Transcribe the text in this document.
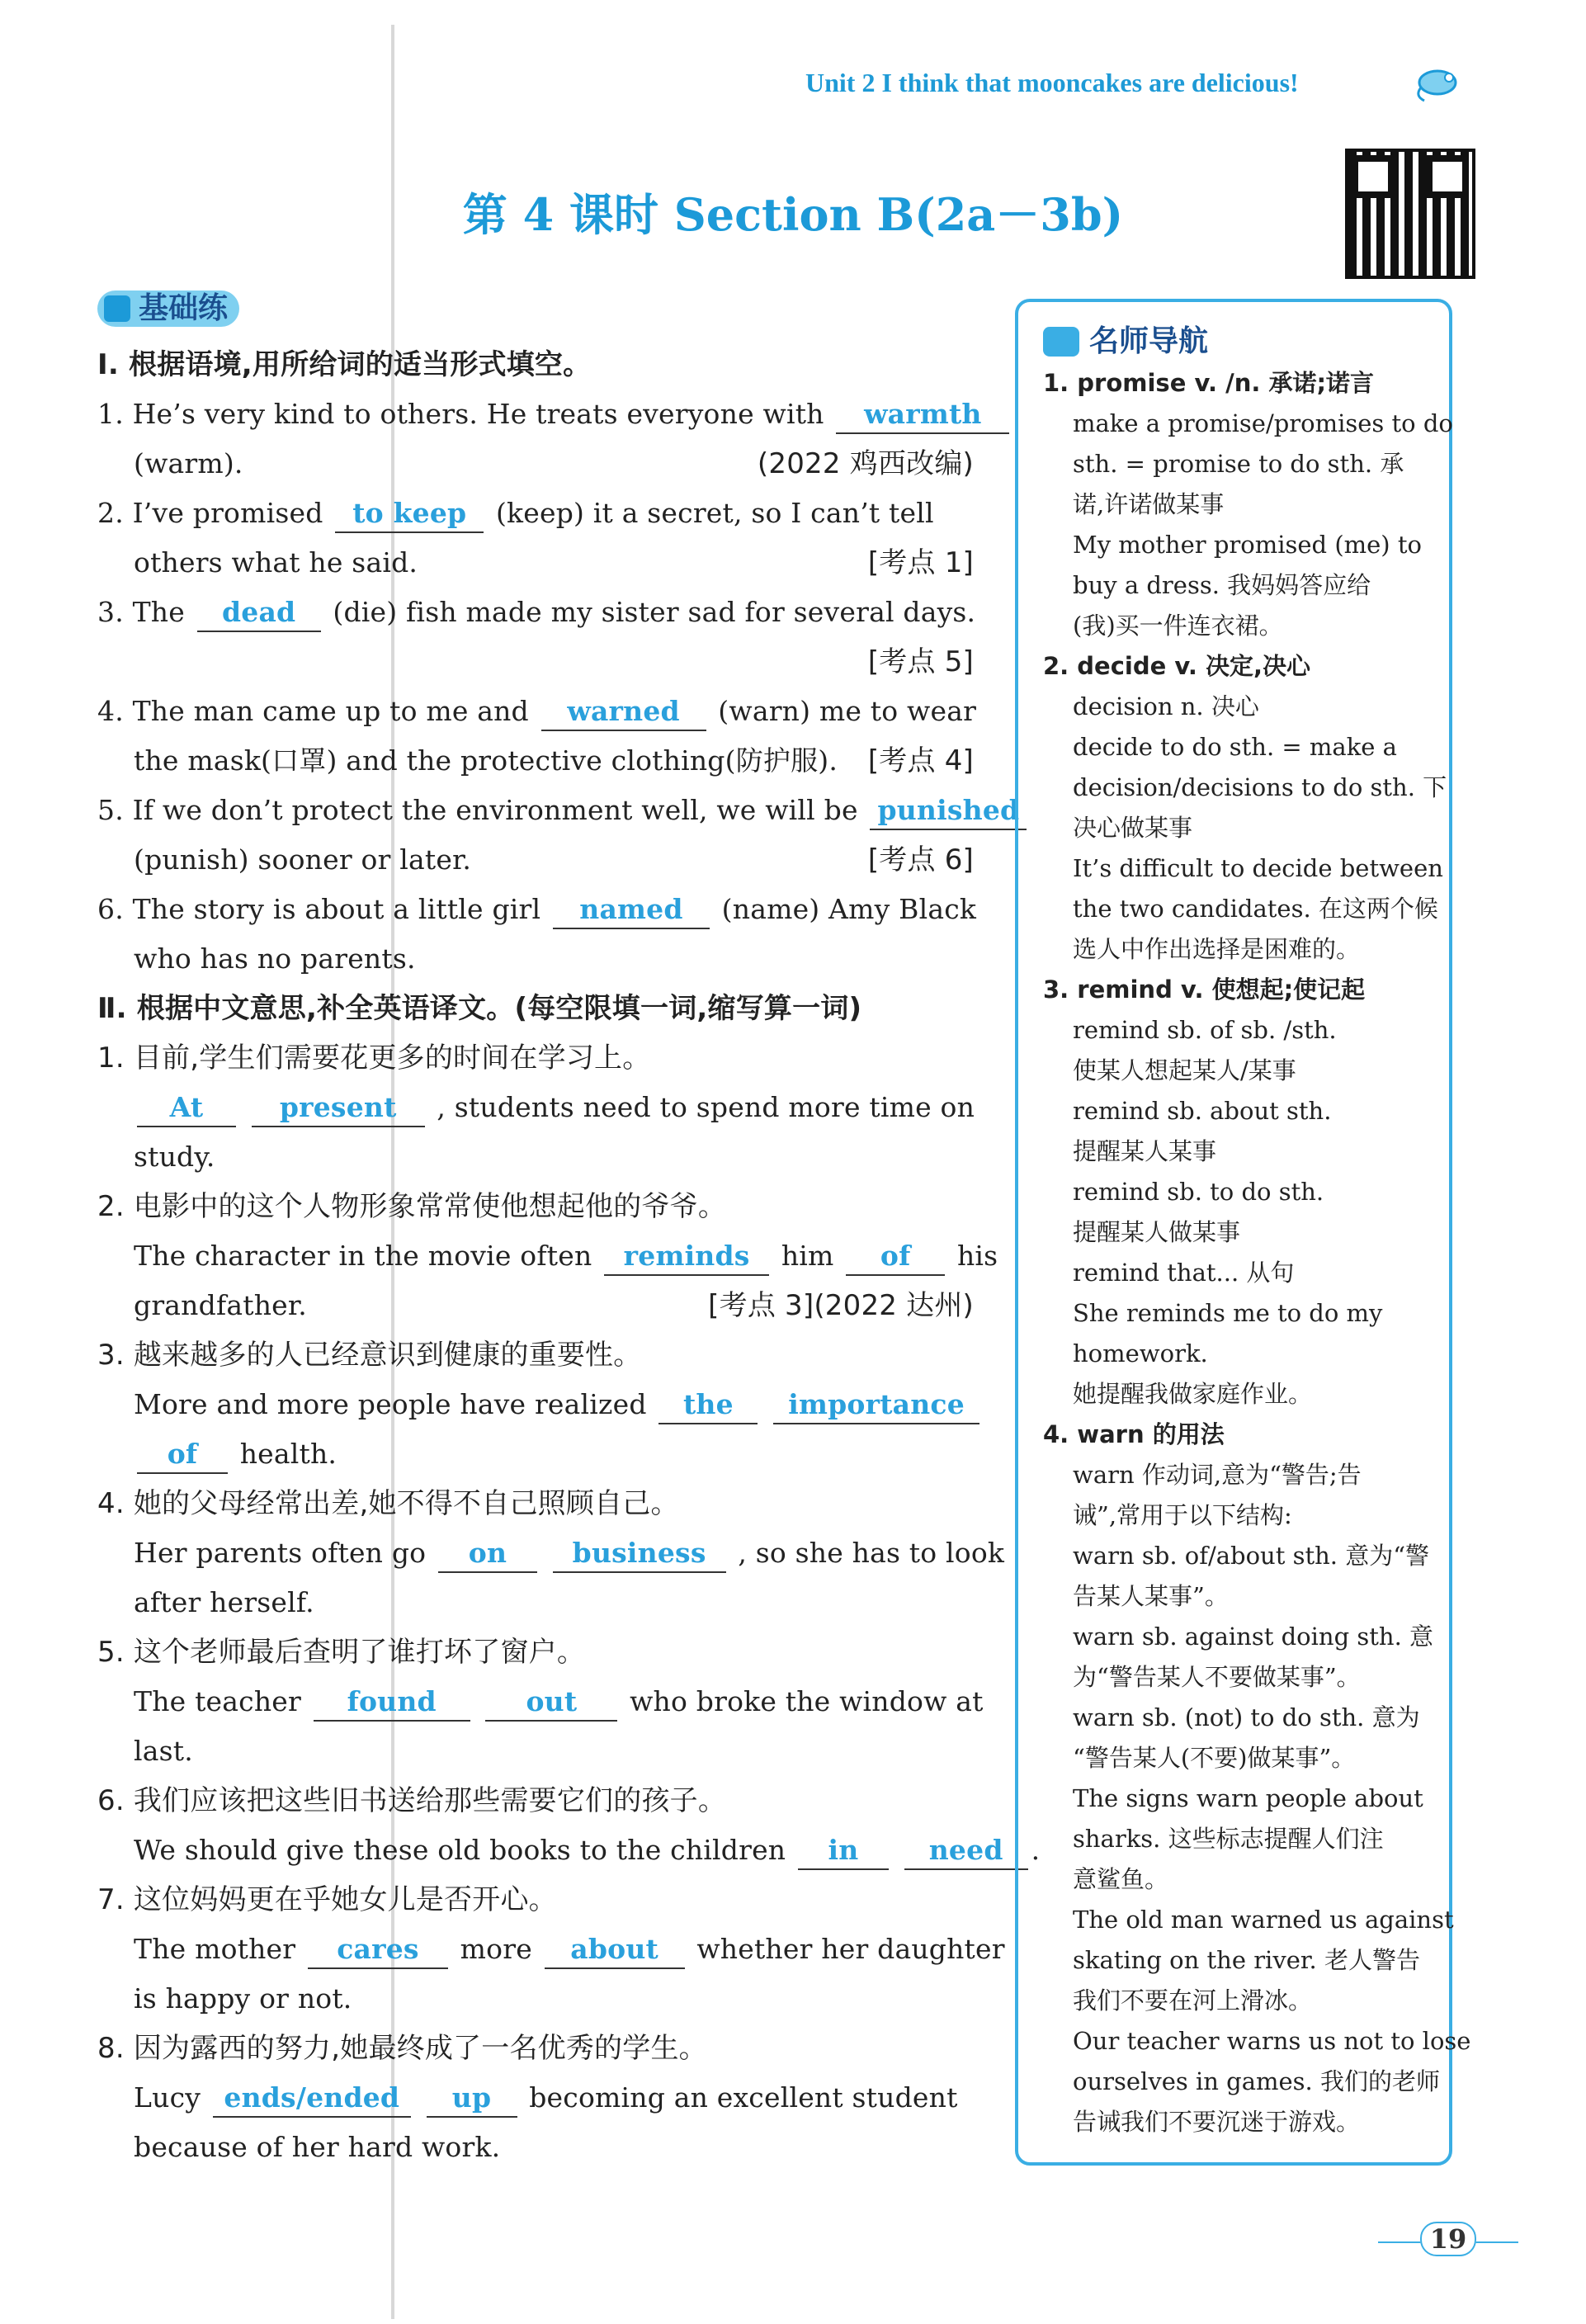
Unit 2 I think that mooncakes are delicious!
第 4 课时 Section B(2a－3b)
基础练
Ⅰ. 根据语境,用所给词的适当形式填空。
1. He’s very kind to others. He treats everyone with warmth
(warm).	(2022 鸡西改编)
2. I’ve promised to keep (keep) it a secret, so I can’t tell
others what he said.	[考点 1]
3. The dead (die) fish made my sister sad for several days.
[考点 5]
4. The man came up to me and warned (warn) me to wear
the mask(口罩) and the protective clothing(防护服). [考点 4]
5. If we don’t protect the environment well, we will be punished
(punish) sooner or later.	[考点 6]
6. The story is about a little girl named (name) Amy Black
who has no parents.
Ⅱ. 根据中文意思,补全英语译文。(每空限填一词,缩写算一词)
1. 目前,学生们需要花更多的时间在学习上。
At	present , students need to spend more time on
study.
2. 电影中的这个人物形象常常使他想起他的爷爷。
The character in the movie often reminds him of his
grandfather.	[考点 3](2022 达州)
3. 越来越多的人已经意识到健康的重要性。
More and more people have realized the importance
of health.
4. 她的父母经常出差,她不得不自己照顾自己。
Her parents often go on business , so she has to look
after herself.
5. 这个老师最后查明了谁打坏了窗户。
The teacher found	out who broke the window at
last.
6. 我们应该把这些旧书送给那些需要它们的孩子。
We should give these old books to the children in	need .
7. 这位妈妈更在乎她女儿是否开心。
The mother cares more about whether her daughter
is happy or not.
8. 因为露西的努力,她最终成了一名优秀的学生。
Lucy ends/ended up becoming an excellent student
because of her hard work.
名师导航
1. promise v. /n. 承诺;诺言
make a promise/promises to do
sth. = promise to do sth. 承
诺,许诺做某事
My mother promised (me) to
buy a dress. 我妈妈答应给
(我)买一件连衣裙。
2. decide v. 决定,决心
decision n. 决心
decide to do sth. = make a
decision/decisions to do sth. 下
决心做某事
It’s difficult to decide between
the two candidates. 在这两个候
选人中作出选择是困难的。
3. remind v. 使想起;使记起
remind sb. of sb. /sth.
使某人想起某人/某事
remind sb. about sth.
提醒某人某事
remind sb. to do sth.
提醒某人做某事
remind that... 从句
She reminds me to do my
homework.
她提醒我做家庭作业。
4. warn 的用法
warn 作动词,意为“警告;告
诫”,常用于以下结构:
warn sb. of/about sth. 意为“警
告某人某事”。
warn sb. against doing sth. 意
为“警告某人不要做某事”。
warn sb. (not) to do sth. 意为
“警告某人(不要)做某事”。
The signs warn people about
sharks. 这些标志提醒人们注
意鲨鱼。
The old man warned us against
skating on the river. 老人警告
我们不要在河上滑冰。
Our teacher warns us not to lose
ourselves in games. 我们的老师
告诫我们不要沉迷于游戏。
19
